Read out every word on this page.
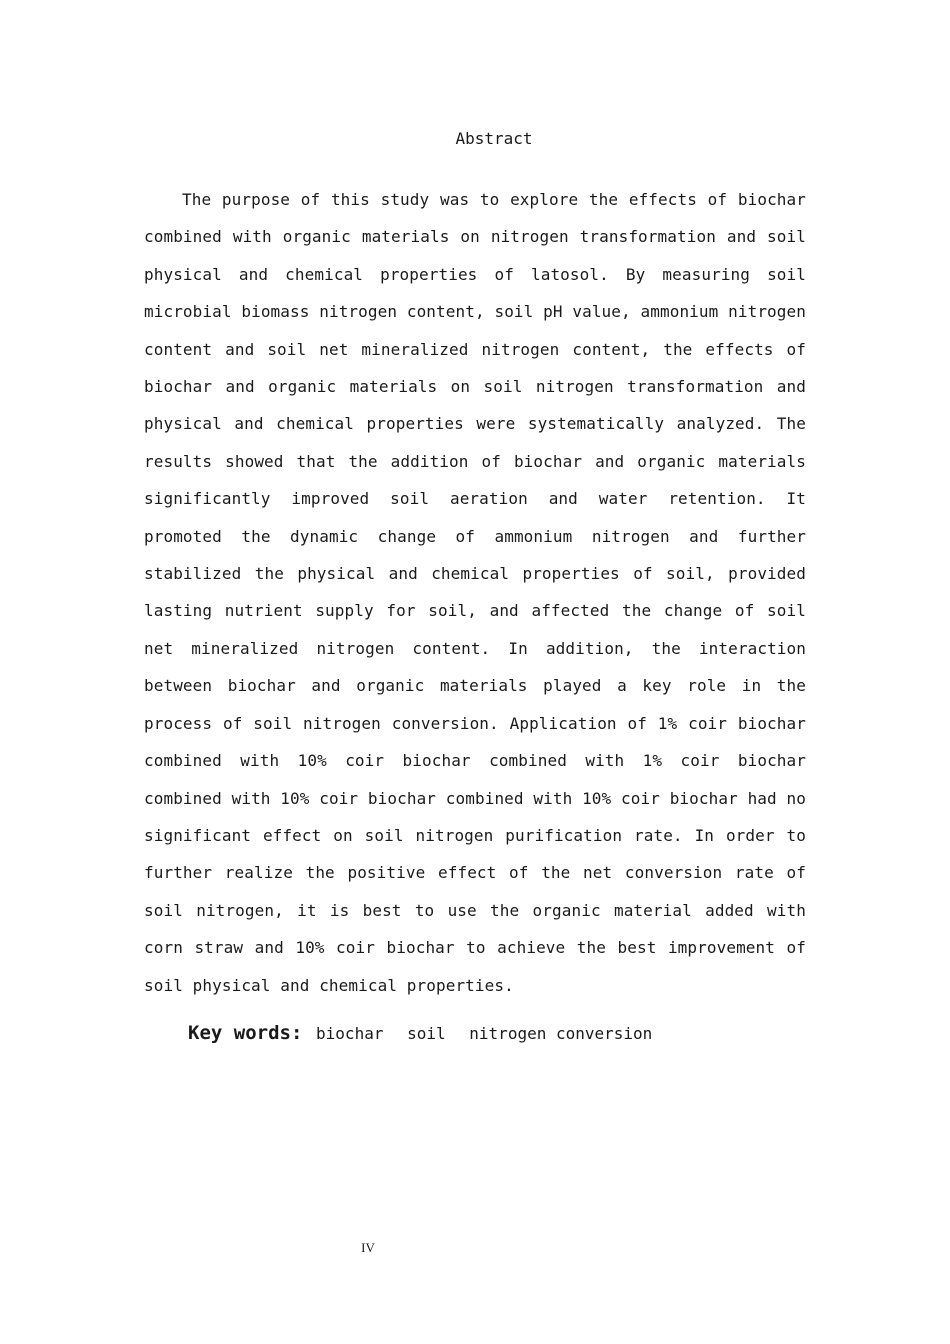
Abstract

The purpose of this study was to explore the effects of biochar combined with organic materials on nitrogen transformation and soil physical and chemical properties of latosol. By measuring soil microbial biomass nitrogen content, soil pH value, ammonium nitrogen content and soil net mineralized nitrogen content, the effects of biochar and organic materials on soil nitrogen transformation and physical and chemical properties were systematically analyzed. The results showed that the addition of biochar and organic materials significantly improved soil aeration and water retention. It promoted the dynamic change of ammonium nitrogen and further stabilized the physical and chemical properties of soil, provided lasting nutrient supply for soil, and affected the change of soil net mineralized nitrogen content. In addition, the interaction between biochar and organic materials played a key role in the process of soil nitrogen conversion. Application of 1% coir biochar combined with 10% coir biochar combined with 1% coir biochar combined with 10% coir biochar combined with 10% coir biochar had no significant effect on soil nitrogen purification rate. In order to further realize the positive effect of the net conversion rate of soil nitrogen, it is best to use the organic material added with corn straw and 10% coir biochar to achieve the best improvement of soil physical and chemical properties.

Key words: biochar soil nitrogen conversion
IV
